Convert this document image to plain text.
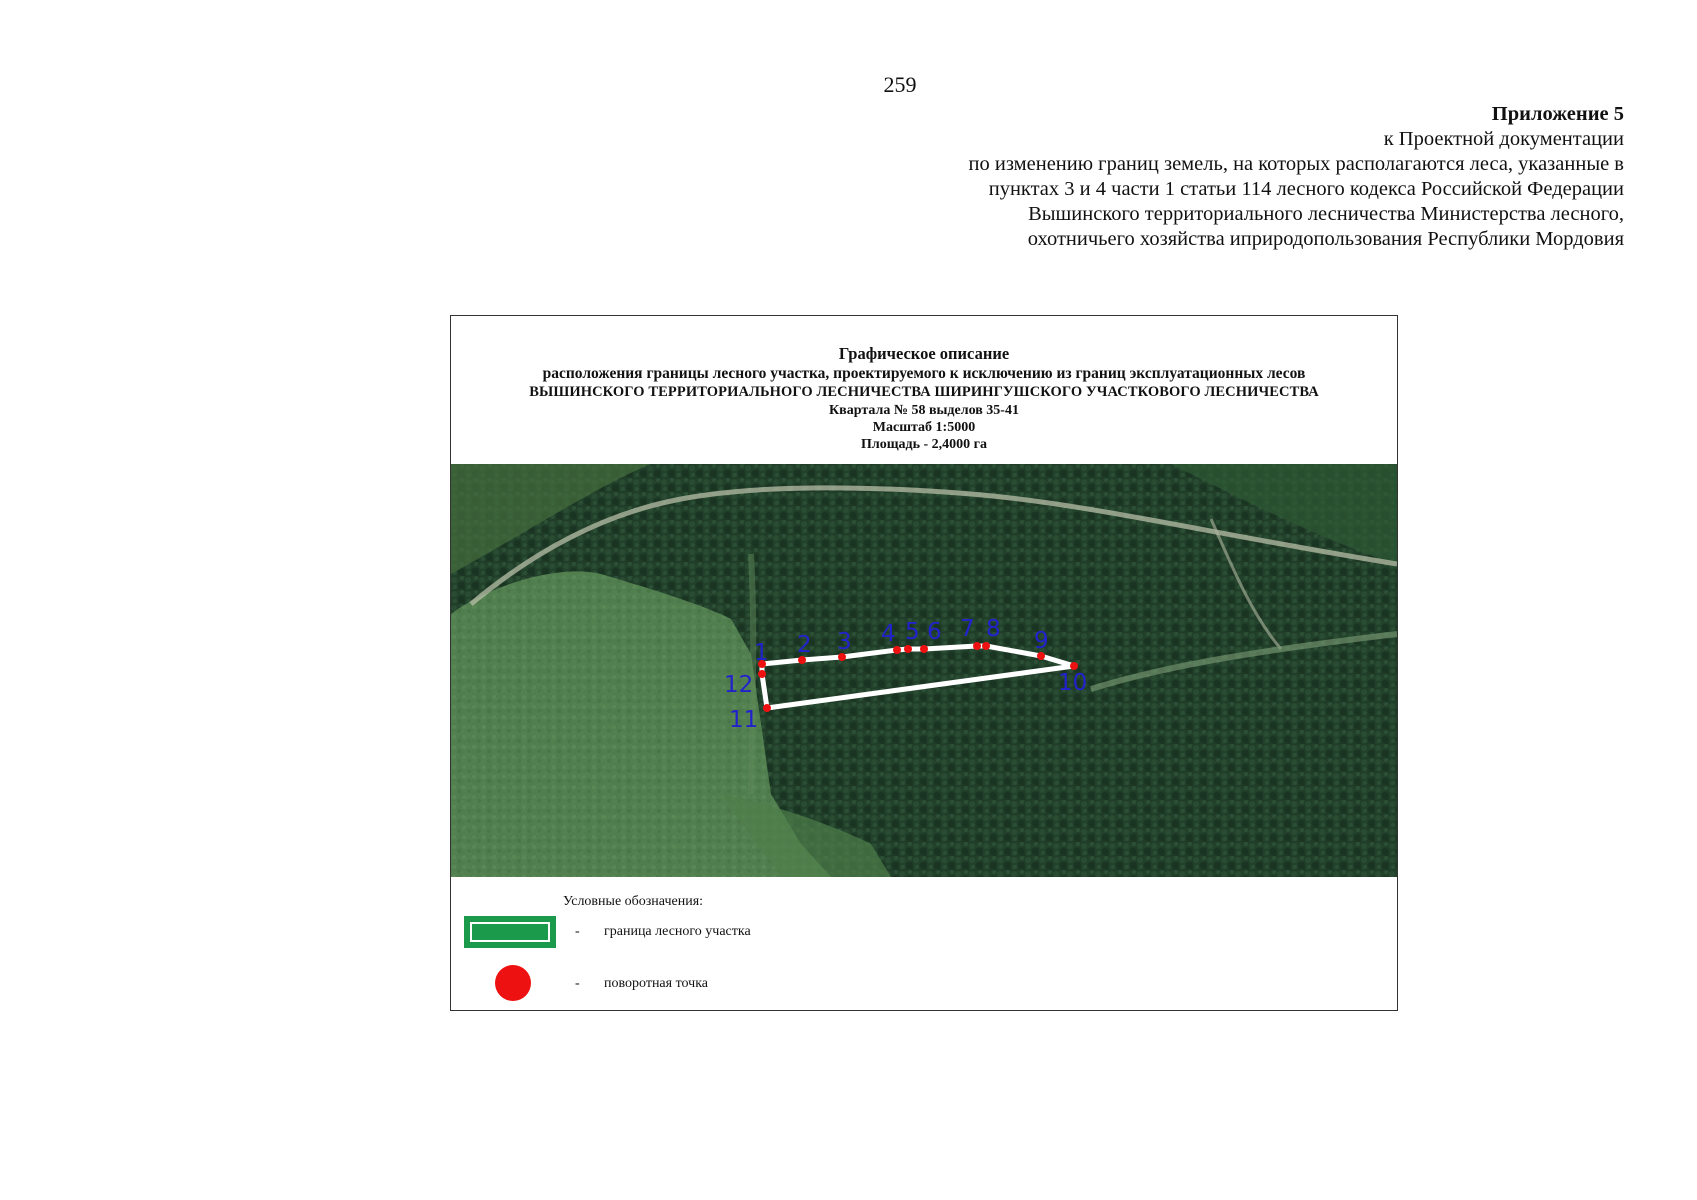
259
Приложение 5
к Проектной документации
по изменению границ земель, на которых располагаются леса, указанные в
пунктах 3 и 4 части 1 статьи 114 лесного кодекса Российской Федерации
Вышинского территориального лесничества Министерства лесного,
охотничьего хозяйства иприродопользования Республики Мордовия
Графическое описание
расположения границы лесного участка, проектируемого к исключению из границ эксплуатационных лесов
ВЫШИНСКОГО ТЕРРИТОРИАЛЬНОГО ЛЕСНИЧЕСТВА ШИРИНГУШСКОГО УЧАСТКОВОГО ЛЕСНИЧЕСТВА
Квартала № 58 выделов 35-41
Масштаб 1:5000
Площадь - 2,4000 га
1 2 3 4 5 6 7 8 9
10
11
12
Условные обозначения:
- граница лесного участка
- поворотная точка
